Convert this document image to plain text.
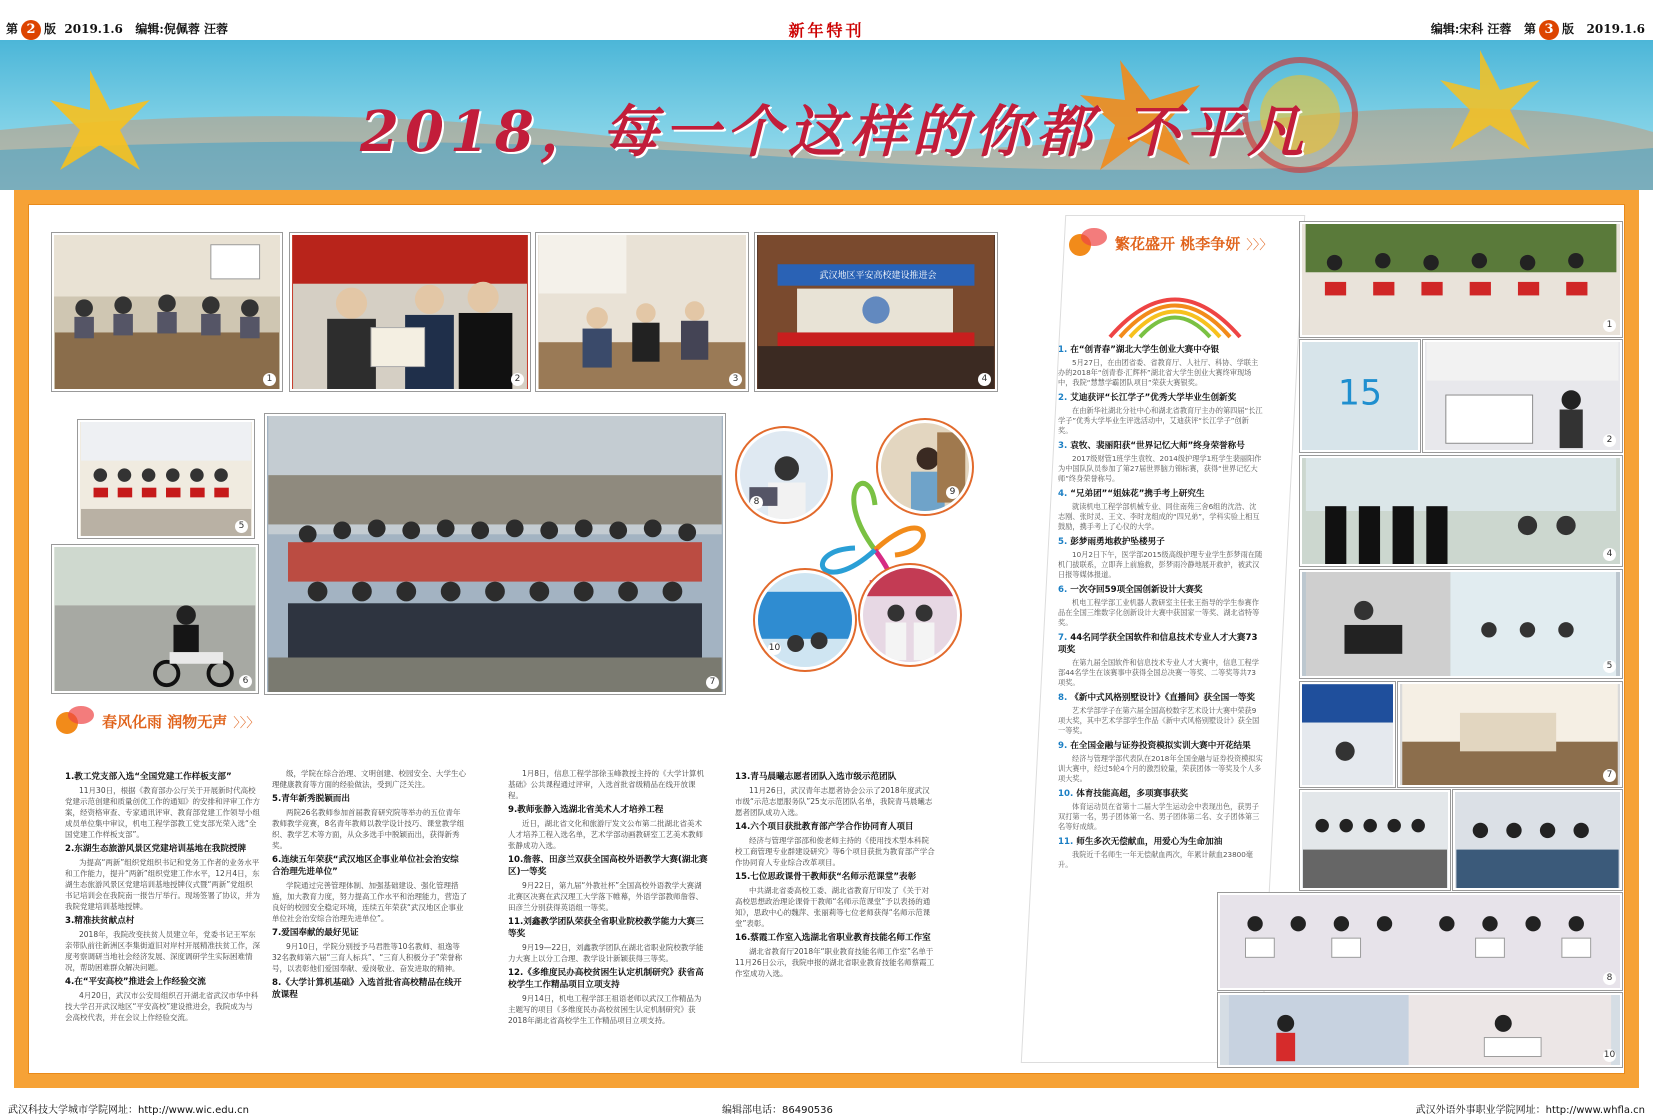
第 2 版 2019.1.6 编辑:倪佩蓉 汪蓉	新年特刊	编辑:宋科 汪蓉 第 3 版 2019.1.6
2018，每一个这样的你都 不平凡
1	2	3
武汉地区平安高校建设推进会
4
5
6	7
8
9
10
春风化雨 润物无声 〉〉〉
1.教工党支部入选“全国党建工作样板支部”

11月30日，根据《教育部办公厅关于开展新时代高校党建示范创建和质量创优工作的通知》的安排和评审工作方案，经资格审查、专家通讯评审、教育部党建工作领导小组成员单位集中审议，机电工程学部教工党支部光荣入选“全国党建工作样板支部”。

2.东湖生态旅游风景区党建培训基地在我院授牌

为提高“两新”组织党组织书记和党务工作者的业务水平和工作能力，提升“两新”组织党建工作水平，12月4日，东湖生态旅游风景区党建培训基地授牌仪式暨“两新”党组织书记培训会在我院南一报告厅举行。现场签署了协议，并为我院党建培训基地授牌。

3.精准扶贫献点村

2018年，我院改变扶贫人员建立年，党委书记王军东亲带队前往新洲区李集街道旧对岸村开展精准扶贫工作，深度考察调研当地社会经济发展、深度调研学生实际困难情况，帮助困难群众解决问题。

4.在“平安高校”推进会上作经验交流

4月20日，武汉市公安局组织召开湖北省武汉市华中科技大学召开武汉地区“平安高校”建设推进会，我院成为与会高校代表，并在会议上作经验交流。

级，学院在综合治理、文明创建、校园安全、大学生心理健康教育等方面的经验做法，受到广泛关注。

5.青年新秀脱颖而出

两院26名教师参加首届教育研究院等举办的五位青年教师教学竞赛，8名青年教师以教学设计技巧、课堂教学组织、教学艺术等方面，从众多选手中脱颖而出，获得新秀奖。

6.连续五年荣获“武汉地区企事业单位社会治安综合治理先进单位”

学院通过完善管理体制、加强基础建设、强化管理措施，加大教育力度，努力提高工作水平和治理能力，营造了良好的校园安全稳定环境，连续五年荣获“武汉地区企事业单位社会治安综合治理先进单位”。

7.爱国奉献的最好见证

9月10日，学院分别授予马君胜等10名教师、祖逸等32名教师第六届“三育人标兵”、“三育人积极分子”荣誉称号，以表彰他们爱国奉献、爱岗敬业、奋发进取的精神。

8.《大学计算机基础》入选首批省高校精品在线开放课程

1月8日，信息工程学部徐玉峰教授主持的《大学计算机基础》公共课程通过评审，入选首批省级精品在线开放课程。

9.教师张静入选湖北省美术人才培养工程

近日，湖北省文化和旅游厅发文公布第二批湖北省美术人才培养工程入选名单，艺术学部动画教研室工艺美术教师张静成功入选。

10.詹蓉、田彦兰双获全国高校外语教学大赛(湖北赛区)一等奖

9月22日，第九届“外教社杯”全国高校外语教学大赛湖北赛区决赛在武汉理工大学落下帷幕，外语学部教师詹蓉、田彦兰分别获得英语组一等奖。

11.刘鑫教学团队荣获全省职业院校教学能力大赛三等奖

9月19—22日，刘鑫教学团队在湖北省职业院校教学能力大赛上以分工合理、教学设计新颖获得三等奖。

12.《多维度民办高校贫困生认定机制研究》获省高校学生工作精品项目立项支持

9月14日，机电工程学部王祖语老师以武汉工作精品为主题写的项目《多维度民办高校贫困生认定机制研究》获2018年湖北省高校学生工作精品项目立项支持。

13.青马晨曦志愿者团队入选市级示范团队

11月26日，武汉青年志愿者协会公示了2018年度武汉市级“示范志愿服务队”25支示范团队名单，我院青马晨曦志愿者团队成功入选。

14.六个项目获批教育部产学合作协同育人项目

经济与管理学部邵和俊老师主持的《使用技术型本科院校工商管理专业群建设研究》等6个项目获批为教育部产学合作协同育人专业综合改革项目。

15.七位思政课骨干教师获“名师示范课堂”表彰

中共湖北省委高校工委、湖北省教育厅印发了《关于对高校思想政治理论课骨干教师“名师示范课堂”予以表扬的通知》，思政中心的魏萍、张丽莉等七位老师获得“名师示范课堂”表彰。

16.蔡霞工作室入选湖北省职业教育技能名师工作室

湖北省教育厅2018年“职业教育技能名师工作室”名单于11月26日公示，我院申报的湖北省职业教育技能名师蔡霞工作室成功入选。

繁花盛开 桃李争妍 〉〉〉
1. 在“创青春”湖北大学生创业大赛中夺银

5月27日，在由团省委、省教育厅、人社厅、科协、学联主办的2018年“创青春·汇辉杯”湖北省大学生创业大赛终审现场中，我院“慧慧学霸团队项目”荣获大赛银奖。

2. 艾迪获评“长江学子”优秀大学毕业生创新奖

在由新华社湖北分社中心和湖北省教育厅主办的第四届“长江学子”优秀大学毕业生评选活动中，艾迪获评“长江学子”创新奖。

3. 袁牧、裴丽阳获“世界记忆大师”终身荣誉称号

2017级财管1班学生袁牧、2014级护理学1班学生裴丽阳作为中国队队员参加了第27届世界脑力锦标赛，获得“世界记忆大师”终身荣誉称号。

4. “兄弟团”“姐妹花”携手考上研究生

就读机电工程学部机械专业、同住南苑三舍6组的沈浩、沈志刚、张时灵、王文、李时龙组成的“四兄弟”，学科实验上相互鼓励，携手考上了心仪的大学。

5. 彭梦雨勇地救护坠楼男子

10月2日下午，医学部2015级高级护理专业学生彭梦雨在随机门拔联系，立即奔上前施救，彭梦雨冷静地展开救护，被武汉日报等媒体报道。

6. 一次夺回59项全国创新设计大赛奖

机电工程学部工业机器人教研室主任张王指导的学生参赛作品在全国三维数字化创新设计大赛中获国家一等奖、湖北省特等奖。

7. 44名同学获全国软件和信息技术专业人才大赛73项奖

在第九届全国软件和信息技术专业人才大赛中，信息工程学部44名学生在该赛事中获得全国总决赛一等奖、二等奖等共73项奖。

8. 《新中式风格别墅设计》《直播间》获全国一等奖

艺术学部学子在第六届全国高校数字艺术设计大赛中荣获9项大奖，其中艺术学部学生作品《新中式风格别墅设计》获全国一等奖。

9. 在全国金融与证券投资模拟实训大赛中开花结果

经济与管理学部代表队在2018年全国金融与证券投资模拟实训大赛中，经过5轮4个月的激烈较量，荣获团体一等奖及个人多项大奖。

10. 体育技能高超，多项赛事获奖

体育运动员在省第十二届大学生运动会中表现出色，获男子双打第一名，男子团体第一名、男子团体第二名、女子团体第三名等好成绩。

11. 师生多次无偿献血，用爱心为生命加油

我院近千名师生一年无偿献血两次，年累计献血23800毫升。

1
15
2
4
5
7
8
10
武汉科技大学城市学院网址：http://www.wic.edu.cn	编辑部电话：86490536	武汉外语外事职业学院网址：http://www.whfla.cn
